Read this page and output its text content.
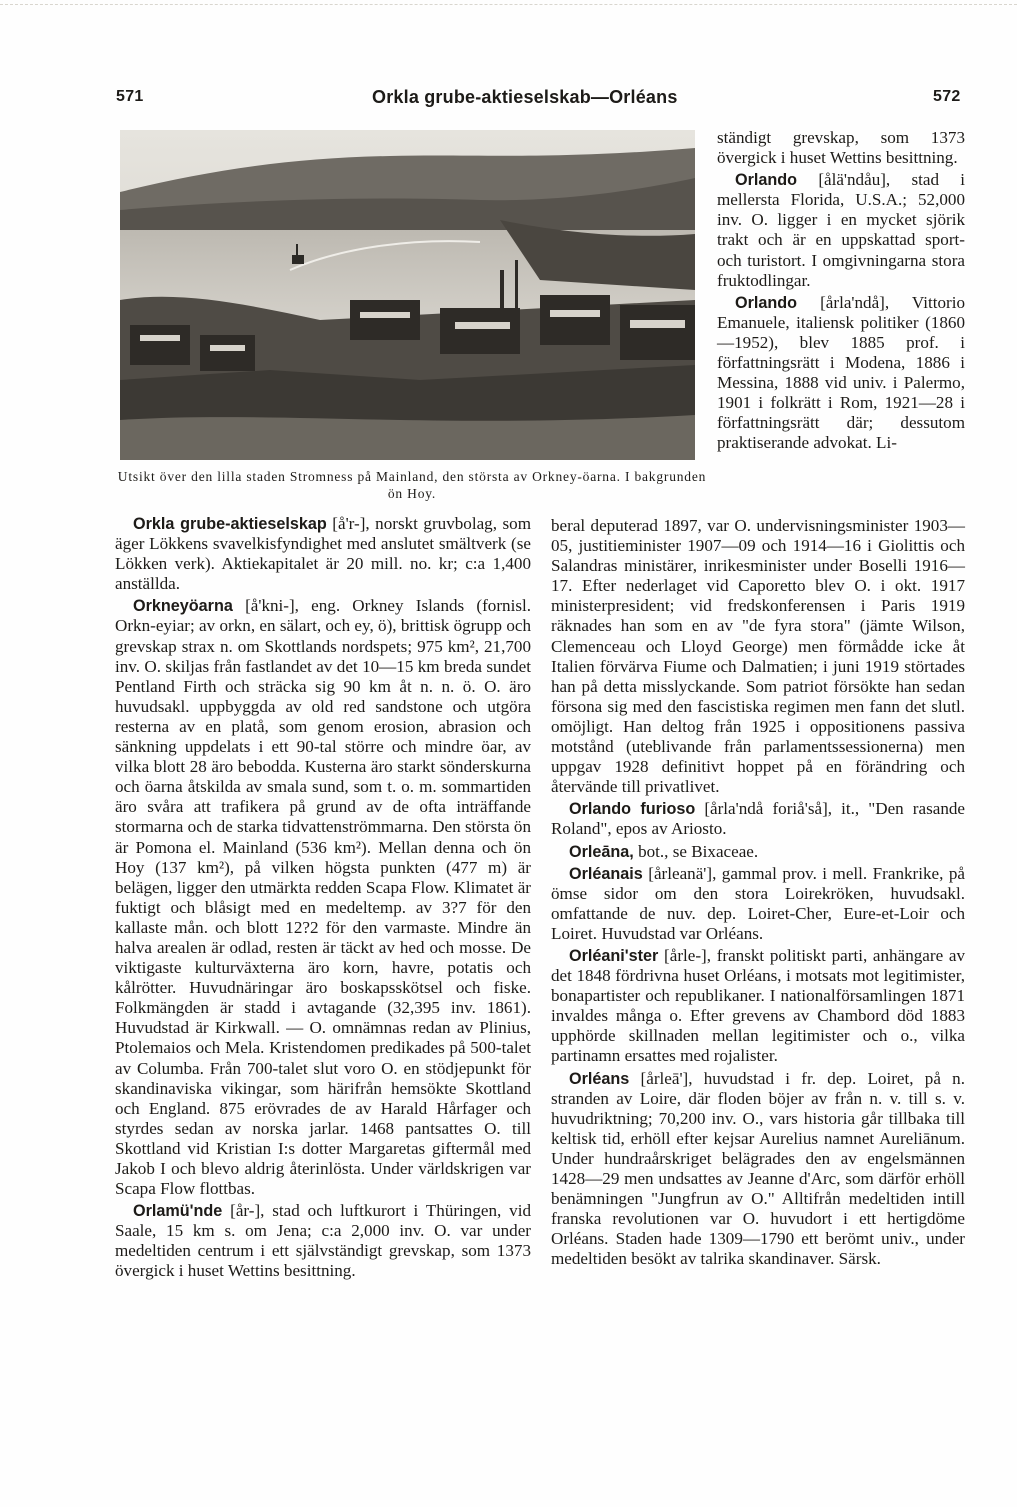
571	Orkla grube-aktieselskab—Orléans	572
Utsikt över den lilla staden Stromness på Mainland, den största av Orkney-öarna. I bakgrunden ön Hoy.

ständigt grevskap, som 1373 övergick i huset Wettins besittning.

Orlando [ålä'ndåu], stad i mellersta Florida, U.S.A.; 52,000 inv. O. ligger i en mycket sjörik trakt och är en uppskattad sport- och turistort. I omgivningarna stora fruktodlingar.

Orlando [årla'ndå], Vittorio Emanuele, italiensk politiker (1860—1952), blev 1885 prof. i författningsrätt i Modena, 1886 i Messina, 1888 vid univ. i Palermo, 1901 i folkrätt i Rom, 1921—28 i författningsrätt där; dessutom praktiserande advokat. Li-

Orkla grube-aktieselskap [å'r-], norskt gruvbolag, som äger Lökkens svavelkisfyndighet med anslutet smältverk (se Lökken verk). Aktiekapitalet är 20 mill. no. kr; c:a 1,400 anställda.

Orkneyöarna [å'kni-], eng. Orkney Islands (fornisl. Orkn-eyiar; av orkn, en sälart, och ey, ö), brittisk ögrupp och grevskap strax n. om Skottlands nordspets; 975 km², 21,700 inv. O. skiljas från fastlandet av det 10—15 km breda sundet Pentland Firth och sträcka sig 90 km åt n. n. ö. O. äro huvudsakl. uppbyggda av old red sandstone och utgöra resterna av en platå, som genom erosion, abrasion och sänkning uppdelats i ett 90-tal större och mindre öar, av vilka blott 28 äro bebodda. Kusterna äro starkt sönderskurna och öarna åtskilda av smala sund, som t. o. m. sommartiden äro svåra att trafikera på grund av de ofta inträffande stormarna och de starka tidvattenströmmarna. Den största ön är Pomona el. Mainland (536 km²). Mellan denna och ön Hoy (137 km²), på vilken högsta punkten (477 m) är belägen, ligger den utmärkta redden Scapa Flow. Klimatet är fuktigt och blåsigt med en medeltemp. av 3?7 för den kallaste mån. och blott 12?2 för den varmaste. Mindre än halva arealen är odlad, resten är täckt av hed och mosse. De viktigaste kulturväxterna äro korn, havre, potatis och kålrötter. Huvudnäringar äro boskapsskötsel och fiske. Folkmängden är stadd i avtagande (32,395 inv. 1861). Huvudstad är Kirkwall. — O. omnämnas redan av Plinius, Ptolemaios och Mela. Kristendomen predikades på 500-talet av Columba. Från 700-talet slut voro O. en stödjepunkt för skandinaviska vikingar, som härifrån hemsökte Skottland och England. 875 erövrades de av Harald Hårfager och styrdes sedan av norska jarlar. 1468 pantsattes O. till Skottland vid Kristian I:s dotter Margaretas giftermål med Jakob I och blevo aldrig återinlösta. Under världskrigen var Scapa Flow flottbas.

Orlamü'nde [år-], stad och luftkurort i Thüringen, vid Saale, 15 km s. om Jena; c:a 2,000 inv. O. var under medeltiden centrum i ett självständigt grevskap, som 1373 övergick i huset Wettins besittning.

beral deputerad 1897, var O. undervisningsminister 1903—05, justitieminister 1907—09 och 1914—16 i Giolittis och Salandras ministärer, inrikesminister under Boselli 1916—17. Efter nederlaget vid Caporetto blev O. i okt. 1917 ministerpresident; vid fredskonferensen i Paris 1919 räknades han som en av "de fyra stora" (jämte Wilson, Clemenceau och Lloyd George) men förmådde icke åt Italien förvärva Fiume och Dalmatien; i juni 1919 störtades han på detta misslyckande. Som patriot försökte han sedan försona sig med den fascistiska regimen men fann det slutl. omöjligt. Han deltog från 1925 i oppositionens passiva motstånd (uteblivande från parlamentssessionerna) men uppgav 1928 definitivt hoppet på en förändring och återvände till privatlivet.

Orlando furioso [årla'ndå foriå'så], it., "Den rasande Roland", epos av Ariosto.

Orleāna, bot., se Bixaceae.

Orléanais [årleanä'], gammal prov. i mell. Frankrike, på ömse sidor om den stora Loirekröken, huvudsakl. omfattande de nuv. dep. Loiret-Cher, Eure-et-Loir och Loiret. Huvudstad var Orléans.

Orléani'ster [årle-], franskt politiskt parti, anhängare av det 1848 fördrivna huset Orléans, i motsats mot legitimister, bonapartister och republikaner. I nationalförsamlingen 1871 invaldes många o. Efter grevens av Chambord död 1883 upphörde skillnaden mellan legitimister och o., vilka partinamn ersattes med rojalister.

Orléans [årleā'], huvudstad i fr. dep. Loiret, på n. stranden av Loire, där floden böjer av från n. v. till s. v. huvudriktning; 70,200 inv. O., vars historia går tillbaka till keltisk tid, erhöll efter kejsar Aurelius namnet Aureliānum. Under hundraårskriget belägrades den av engelsmännen 1428—29 men undsattes av Jeanne d'Arc, som därför erhöll benämningen "Jungfrun av O." Alltifrån medeltiden intill franska revolutionen var O. huvudort i ett hertigdöme Orléans. Staden hade 1309—1790 ett berömt univ., under medeltiden besökt av talrika skandinaver. Särsk.
